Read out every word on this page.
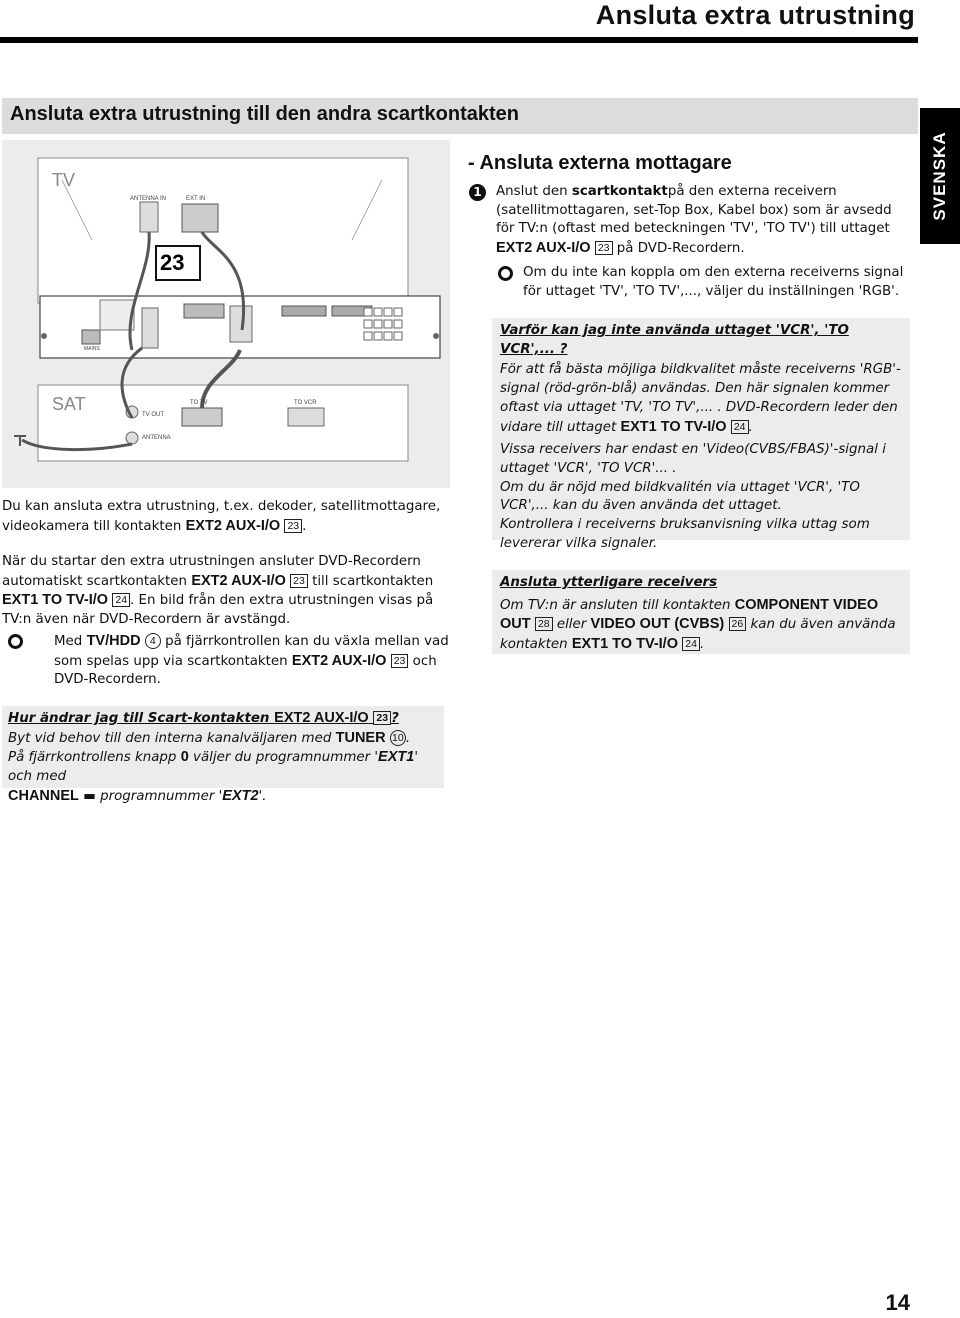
Ansluta extra utrustning
Ansluta extra utrustning till den andra scartkontakten
SVENSKA
TV
ANTENNA IN	EXT IN
23
MAINS
SAT
TV OUT
ANTENNA
TO TV	TO VCR
Du kan ansluta extra utrustning, t.ex. dekoder, satellitmottagare, videokamera till kontakten EXT2 AUX-I/O 23 .
När du startar den extra utrustningen ansluter DVD-Recordern automatiskt scartkontakten EXT2 AUX-I/O 23 till scartkontakten EXT1 TO TV-I/O 24 . En bild från den extra utrustningen visas på TV:n även när DVD-Recordern är avstängd.
Med TV/HDD 4 på fjärrkontrollen kan du växla mellan vad som spelas upp via scartkontakten EXT2 AUX-I/O 23 och DVD-Recordern.
- Ansluta externa mottagare
1	Anslut den scartkontaktpå den externa receivern (satellitmottagaren, set-Top Box, Kabel box) som är avsedd för TV:n (oftast med beteckningen 'TV', 'TO TV') till uttaget EXT2 AUX-I/O 23 på DVD-Recordern.
Om du inte kan koppla om den externa receiverns signal för uttaget 'TV', 'TO TV',..., väljer du inställningen 'RGB'.
Varför kan jag inte använda uttaget 'VCR', 'TO VCR',... ?
För att få bästa möjliga bildkvalitet måste receiverns 'RGB'-signal (röd-grön-blå) användas. Den här signalen kommer oftast via uttaget 'TV, 'TO TV',... . DVD-Recordern leder den vidare till uttaget EXT1 TO TV-I/O 24 .
Vissa receivers har endast en 'Video(CVBS/FBAS)'-signal i uttaget 'VCR', 'TO VCR'... .
Om du är nöjd med bildkvalitén via uttaget 'VCR', 'TO VCR',... kan du även använda det uttaget.
Kontrollera i receiverns bruksanvisning vilka uttag som levererar vilka signaler.
Ansluta ytterligare receivers
Om TV:n är ansluten till kontakten COMPONENT VIDEO OUT 28 eller VIDEO OUT (CVBS) 26 kan du även använda kontakten EXT1 TO TV-I/O 24 .
Hur ändrar jag till Scart-kontakten EXT2 AUX-I/O 23 ?
Byt vid behov till den interna kanalväljaren med TUNER 10 .
På fjärrkontrollens knapp 0 väljer du programnummer 'EXT1' och med
CHANNEL ▬ programnummer 'EXT2'.
14
